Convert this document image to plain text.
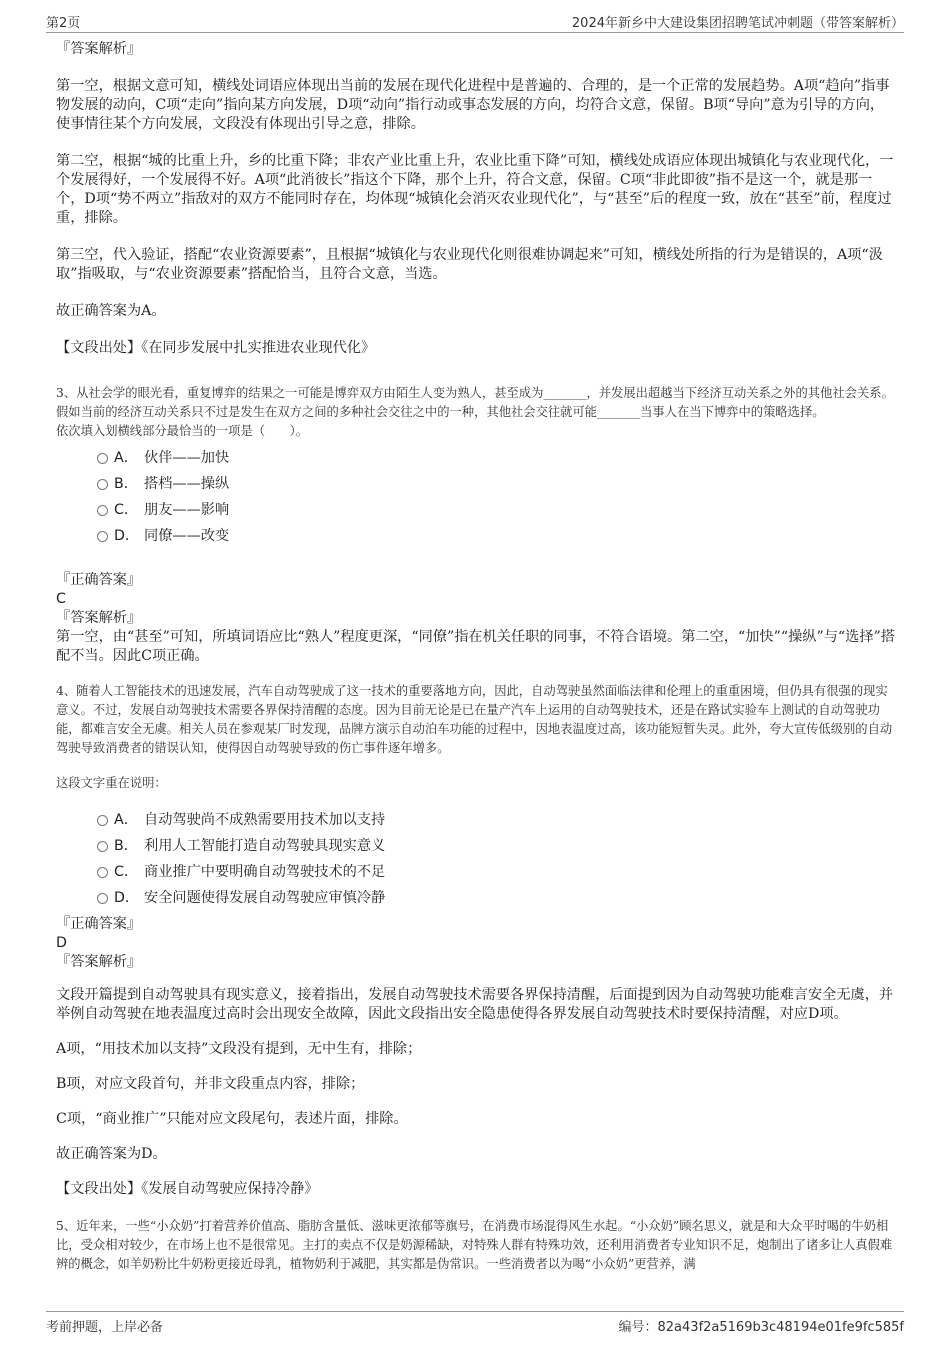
第2页	2024年新乡中大建设集团招聘笔试冲刺题（带答案解析）

『答案解析』

第一空，根据文意可知，横线处词语应体现出当前的发展在现代化进程中是普遍的、合理的，是一个正常的发展趋势。A项“趋向”指事物发展的动向，C项“走向”指向某方向发展，D项“动向”指行动或事态发展的方向，均符合文意，保留。B项“导向”意为引导的方向，使事情往某个方向发展，文段没有体现出引导之意，排除。

第二空，根据“城的比重上升，乡的比重下降；非农产业比重上升，农业比重下降”可知，横线处成语应体现出城镇化与农业现代化，一个发展得好，一个发展得不好。A项“此消彼长”指这个下降，那个上升，符合文意，保留。C项“非此即彼”指不是这一个，就是那一个，D项“势不两立”指敌对的双方不能同时存在，均体现“城镇化会消灭农业现代化”，与“甚至”后的程度一致，放在“甚至”前，程度过重，排除。

第三空，代入验证，搭配“农业资源要素”，且根据“城镇化与农业现代化则很难协调起来”可知，横线处所指的行为是错误的，A项“汲取”指吸取，与“农业资源要素”搭配恰当，且符合文意，当选。

故正确答案为A。

【文段出处】《在同步发展中扎实推进农业现代化》

3、从社会学的眼光看，重复博弈的结果之一可能是博弈双方由陌生人变为熟人，甚至成为_______，并发展出超越当下经济互动关系之外的其他社会关系。假如当前的经济互动关系只不过是发生在双方之间的多种社会交往之中的一种，其他社会交往就可能_______当事人在当下博弈中的策略选择。

依次填入划横线部分最恰当的一项是（　　）。

A． 伙伴——加快
B． 搭档——操纵
C． 朋友——影响
D． 同僚——改变

『正确答案』

C

『答案解析』

第一空，由“甚至”可知，所填词语应比“熟人”程度更深，“同僚”指在机关任职的同事，不符合语境。第二空，“加快”“操纵”与“选择”搭配不当。因此C项正确。

4、随着人工智能技术的迅速发展，汽车自动驾驶成了这一技术的重要落地方向，因此，自动驾驶虽然面临法律和伦理上的重重困境，但仍具有很强的现实意义。不过，发展自动驾驶技术需要各界保持清醒的态度。因为目前无论是已在量产汽车上运用的自动驾驶技术，还是在路试实验车上测试的自动驾驶功能，都难言安全无虞。相关人员在参观某厂时发现，品牌方演示自动泊车功能的过程中，因地表温度过高，该功能短暂失灵。此外，夸大宣传低级别的自动驾驶导致消费者的错误认知，使得因自动驾驶导致的伤亡事件逐年增多。

这段文字重在说明：

A． 自动驾驶尚不成熟需要用技术加以支持
B． 利用人工智能打造自动驾驶具现实意义
C． 商业推广中要明确自动驾驶技术的不足
D． 安全问题使得发展自动驾驶应审慎冷静

『正确答案』

D

『答案解析』

文段开篇提到自动驾驶具有现实意义，接着指出，发展自动驾驶技术需要各界保持清醒，后面提到因为自动驾驶功能难言安全无虞，并举例自动驾驶在地表温度过高时会出现安全故障，因此文段指出安全隐患使得各界发展自动驾驶技术时要保持清醒，对应D项。

A项，“用技术加以支持”文段没有提到，无中生有，排除；

B项，对应文段首句，并非文段重点内容，排除；

C项，“商业推广”只能对应文段尾句，表述片面，排除。

故正确答案为D。

【文段出处】《发展自动驾驶应保持冷静》

5、近年来，一些“小众奶”打着营养价值高、脂肪含量低、滋味更浓郁等旗号，在消费市场混得风生水起。“小众奶”顾名思义，就是和大众平时喝的牛奶相比，受众相对较少，在市场上也不是很常见。主打的卖点不仅是奶源稀缺，对特殊人群有特殊功效，还利用消费者专业知识不足，炮制出了诸多让人真假难辨的概念，如羊奶粉比牛奶粉更接近母乳，植物奶利于减肥，其实都是伪常识。一些消费者以为喝“小众奶”更营养，满

考前押题，上岸必备	编号：82a43f2a5169b3c48194e01fe9fc585f
